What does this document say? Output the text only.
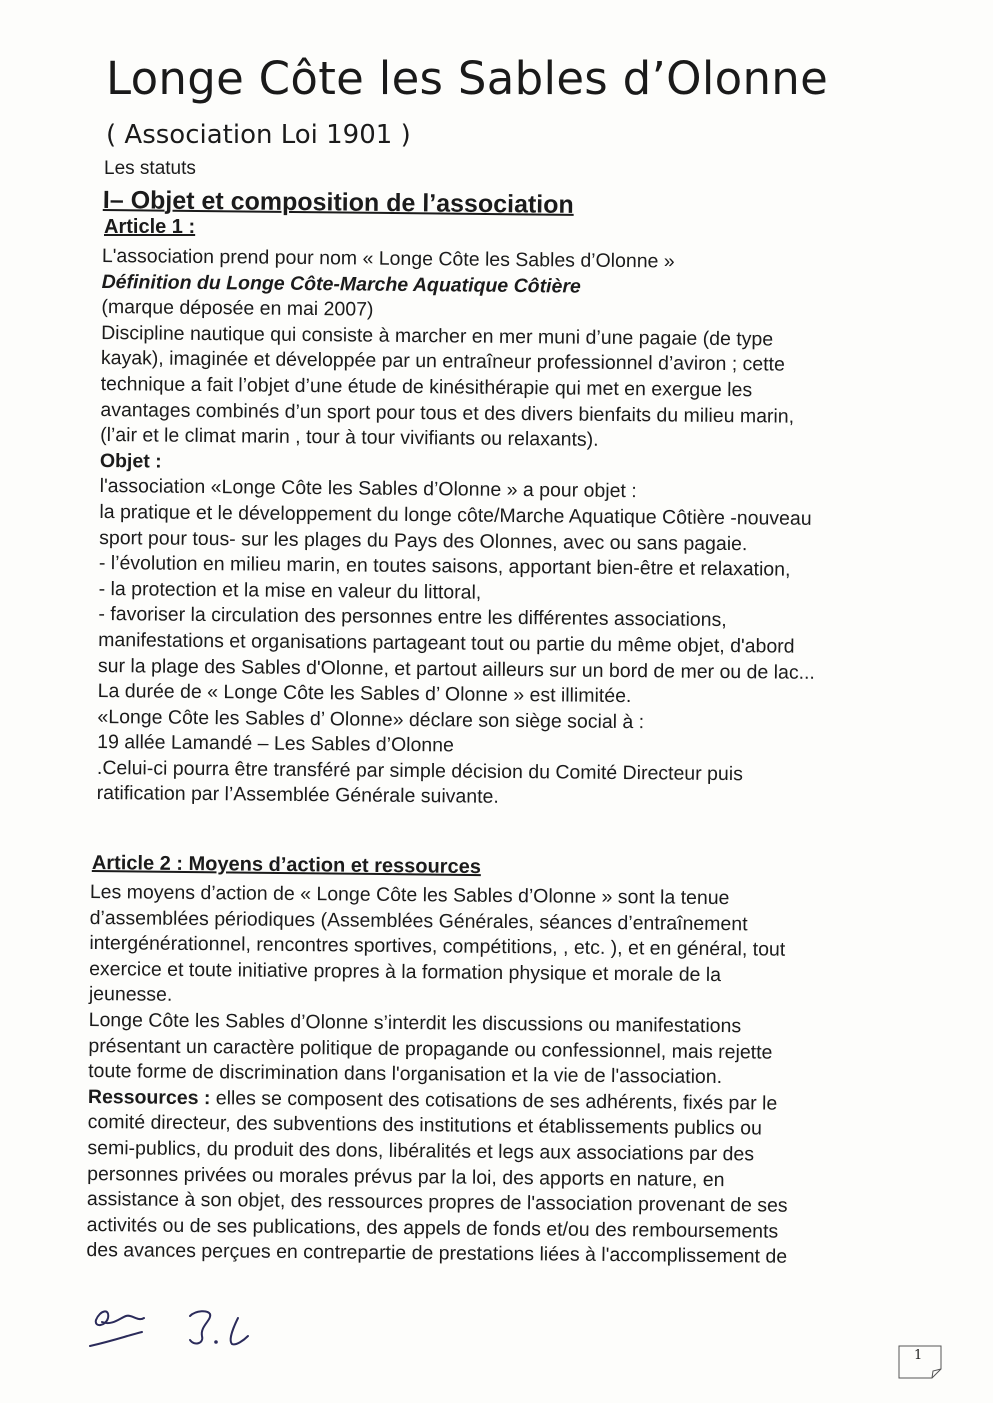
Longe Côte les Sables d’Olonne
( Association Loi 1901 )
Les statuts
I– Objet et composition de l’association
Article 1 :
L'association prend pour nom « Longe Côte les Sables d’Olonne »
Définition du Longe Côte-Marche Aquatique Côtière
(marque déposée en mai 2007)
Discipline nautique qui consiste à marcher en mer muni d’une pagaie (de type
kayak), imaginée et développée par un entraîneur professionnel d’aviron ; cette
technique a fait l’objet d’une étude de kinésithérapie qui met en exergue les
avantages combinés d’un sport pour tous et des divers bienfaits du milieu marin,
(l’air et le climat marin , tour à tour vivifiants ou relaxants).
Objet :
l'association «Longe Côte les Sables d’Olonne » a pour objet :
la pratique et le développement du longe côte/Marche Aquatique Côtière -nouveau
sport pour tous- sur les plages du Pays des Olonnes, avec ou sans pagaie.
- l’évolution en milieu marin, en toutes saisons, apportant bien-être et relaxation,
- la protection et la mise en valeur du littoral,
- favoriser la circulation des personnes entre les différentes associations,
manifestations et organisations partageant tout ou partie du même objet, d'abord
sur la plage des Sables d'Olonne, et partout ailleurs sur un bord de mer ou de lac...
La durée de « Longe Côte les Sables d’ Olonne » est illimitée.
«Longe Côte les Sables d’ Olonne» déclare son siège social à :
19 allée Lamandé – Les Sables d’Olonne
.Celui-ci pourra être transféré par simple décision du Comité Directeur puis
ratification par l’Assemblée Générale suivante.
Article 2 : Moyens d’action et ressources
Les moyens d’action de « Longe Côte les Sables d’Olonne » sont la tenue
d’assemblées périodiques (Assemblées Générales, séances d’entraînement
intergénérationnel, rencontres sportives, compétitions, , etc. ), et en général, tout
exercice et toute initiative propres à la formation physique et morale de la
jeunesse.
Longe Côte les Sables d’Olonne s’interdit les discussions ou manifestations
présentant un caractère politique de propagande ou confessionnel, mais rejette
toute forme de discrimination dans l'organisation et la vie de l'association.
Ressources : elles se composent des cotisations de ses adhérents, fixés par le
comité directeur, des subventions des institutions et établissements publics ou
semi-publics, du produit des dons, libéralités et legs aux associations par des
personnes privées ou morales prévus par la loi, des apports en nature, en
assistance à son objet, des ressources propres de l'association provenant de ses
activités ou de ses publications, des appels de fonds et/ou des remboursements
des avances perçues en contrepartie de prestations liées à l'accomplissement de
1
